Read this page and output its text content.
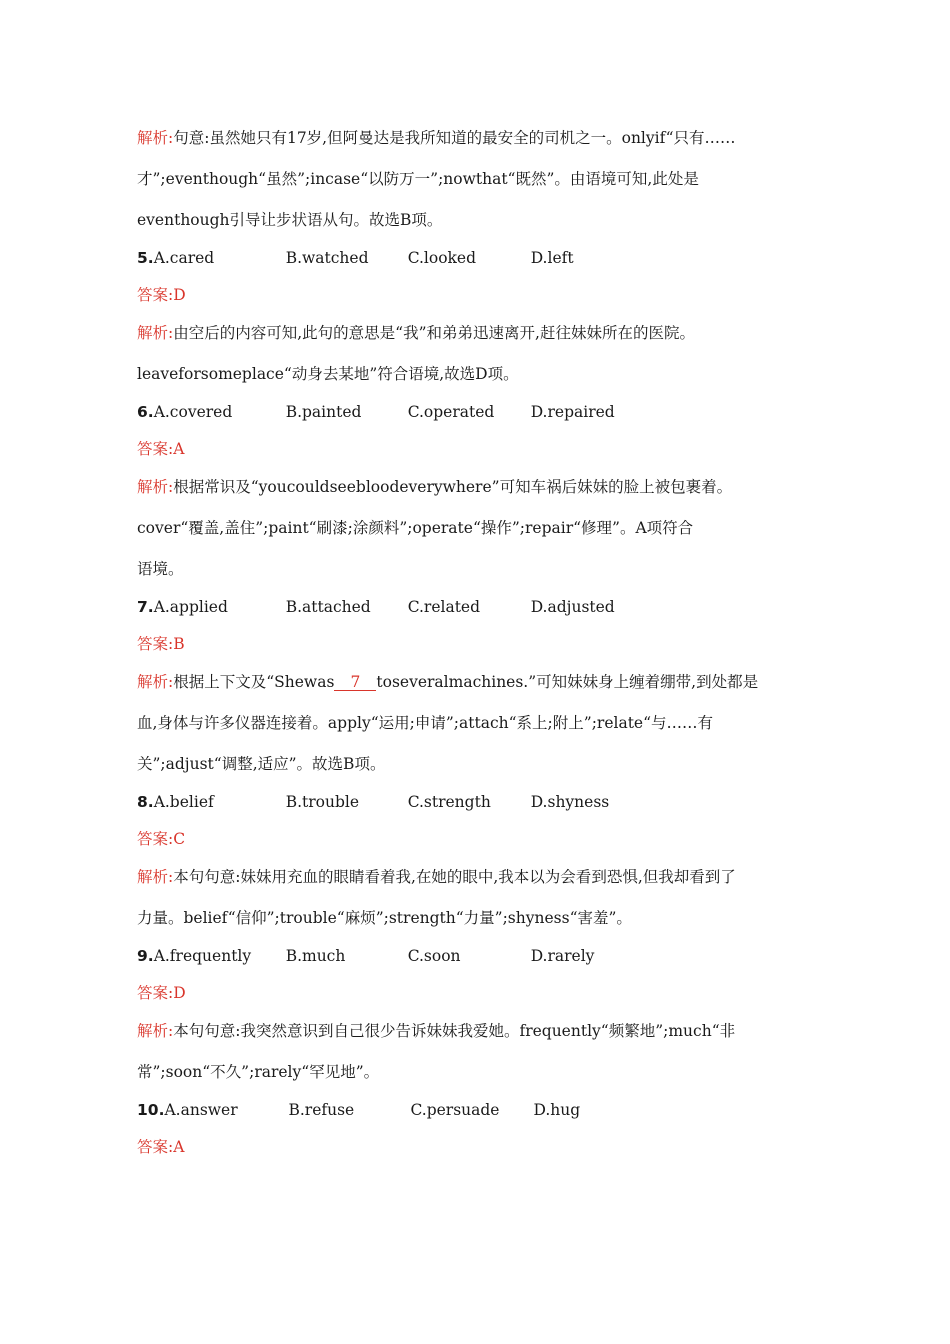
解析:句意:虽然她只有17岁,但阿曼达是我所知道的最安全的司机之一。onlyif“只有……
才”;eventhough“虽然”;incase“以防万一”;nowthat“既然”。由语境可知,此处是
eventhough引导让步状语从句。故选B项。
5.A.cared	B.watched	C.looked	D.left
答案:D
解析:由空后的内容可知,此句的意思是“我”和弟弟迅速离开,赶往妹妹所在的医院。
leaveforsomeplace“动身去某地”符合语境,故选D项。
6.A.covered	B.painted	C.operated D.repaired
答案:A
解析:根据常识及“youcouldseebloodeverywhere”可知车祸后妹妹的脸上被包裹着。
cover“覆盖,盖住”;paint“刷漆;涂颜料”;operate“操作”;repair“修理”。A项符合
语境。
7.A.applied	B.attached C.related	D.adjusted
答案:B
解析:根据上下文及“Shewas 7 toseveralmachines.”可知妹妹身上缠着绷带,到处都是
血,身体与许多仪器连接着。apply“运用;申请”;attach“系上;附上”;relate“与……有
关”;adjust“调整,适应”。故选B项。
8.A.belief	B.trouble	C.strength	D.shyness
答案:C
解析:本句句意:妹妹用充血的眼睛看着我,在她的眼中,我本以为会看到恐惧,但我却看到了
力量。belief“信仰”;trouble“麻烦”;strength“力量”;shyness“害羞”。
9.A.frequently B.much	C.soon	D.rarely
答案:D
解析:本句句意:我突然意识到自己很少告诉妹妹我爱她。frequently“频繁地”;much“非
常”;soon“不久”;rarely“罕见地”。
10.A.answer	B.refuse	C.persuade D.hug
答案:A
